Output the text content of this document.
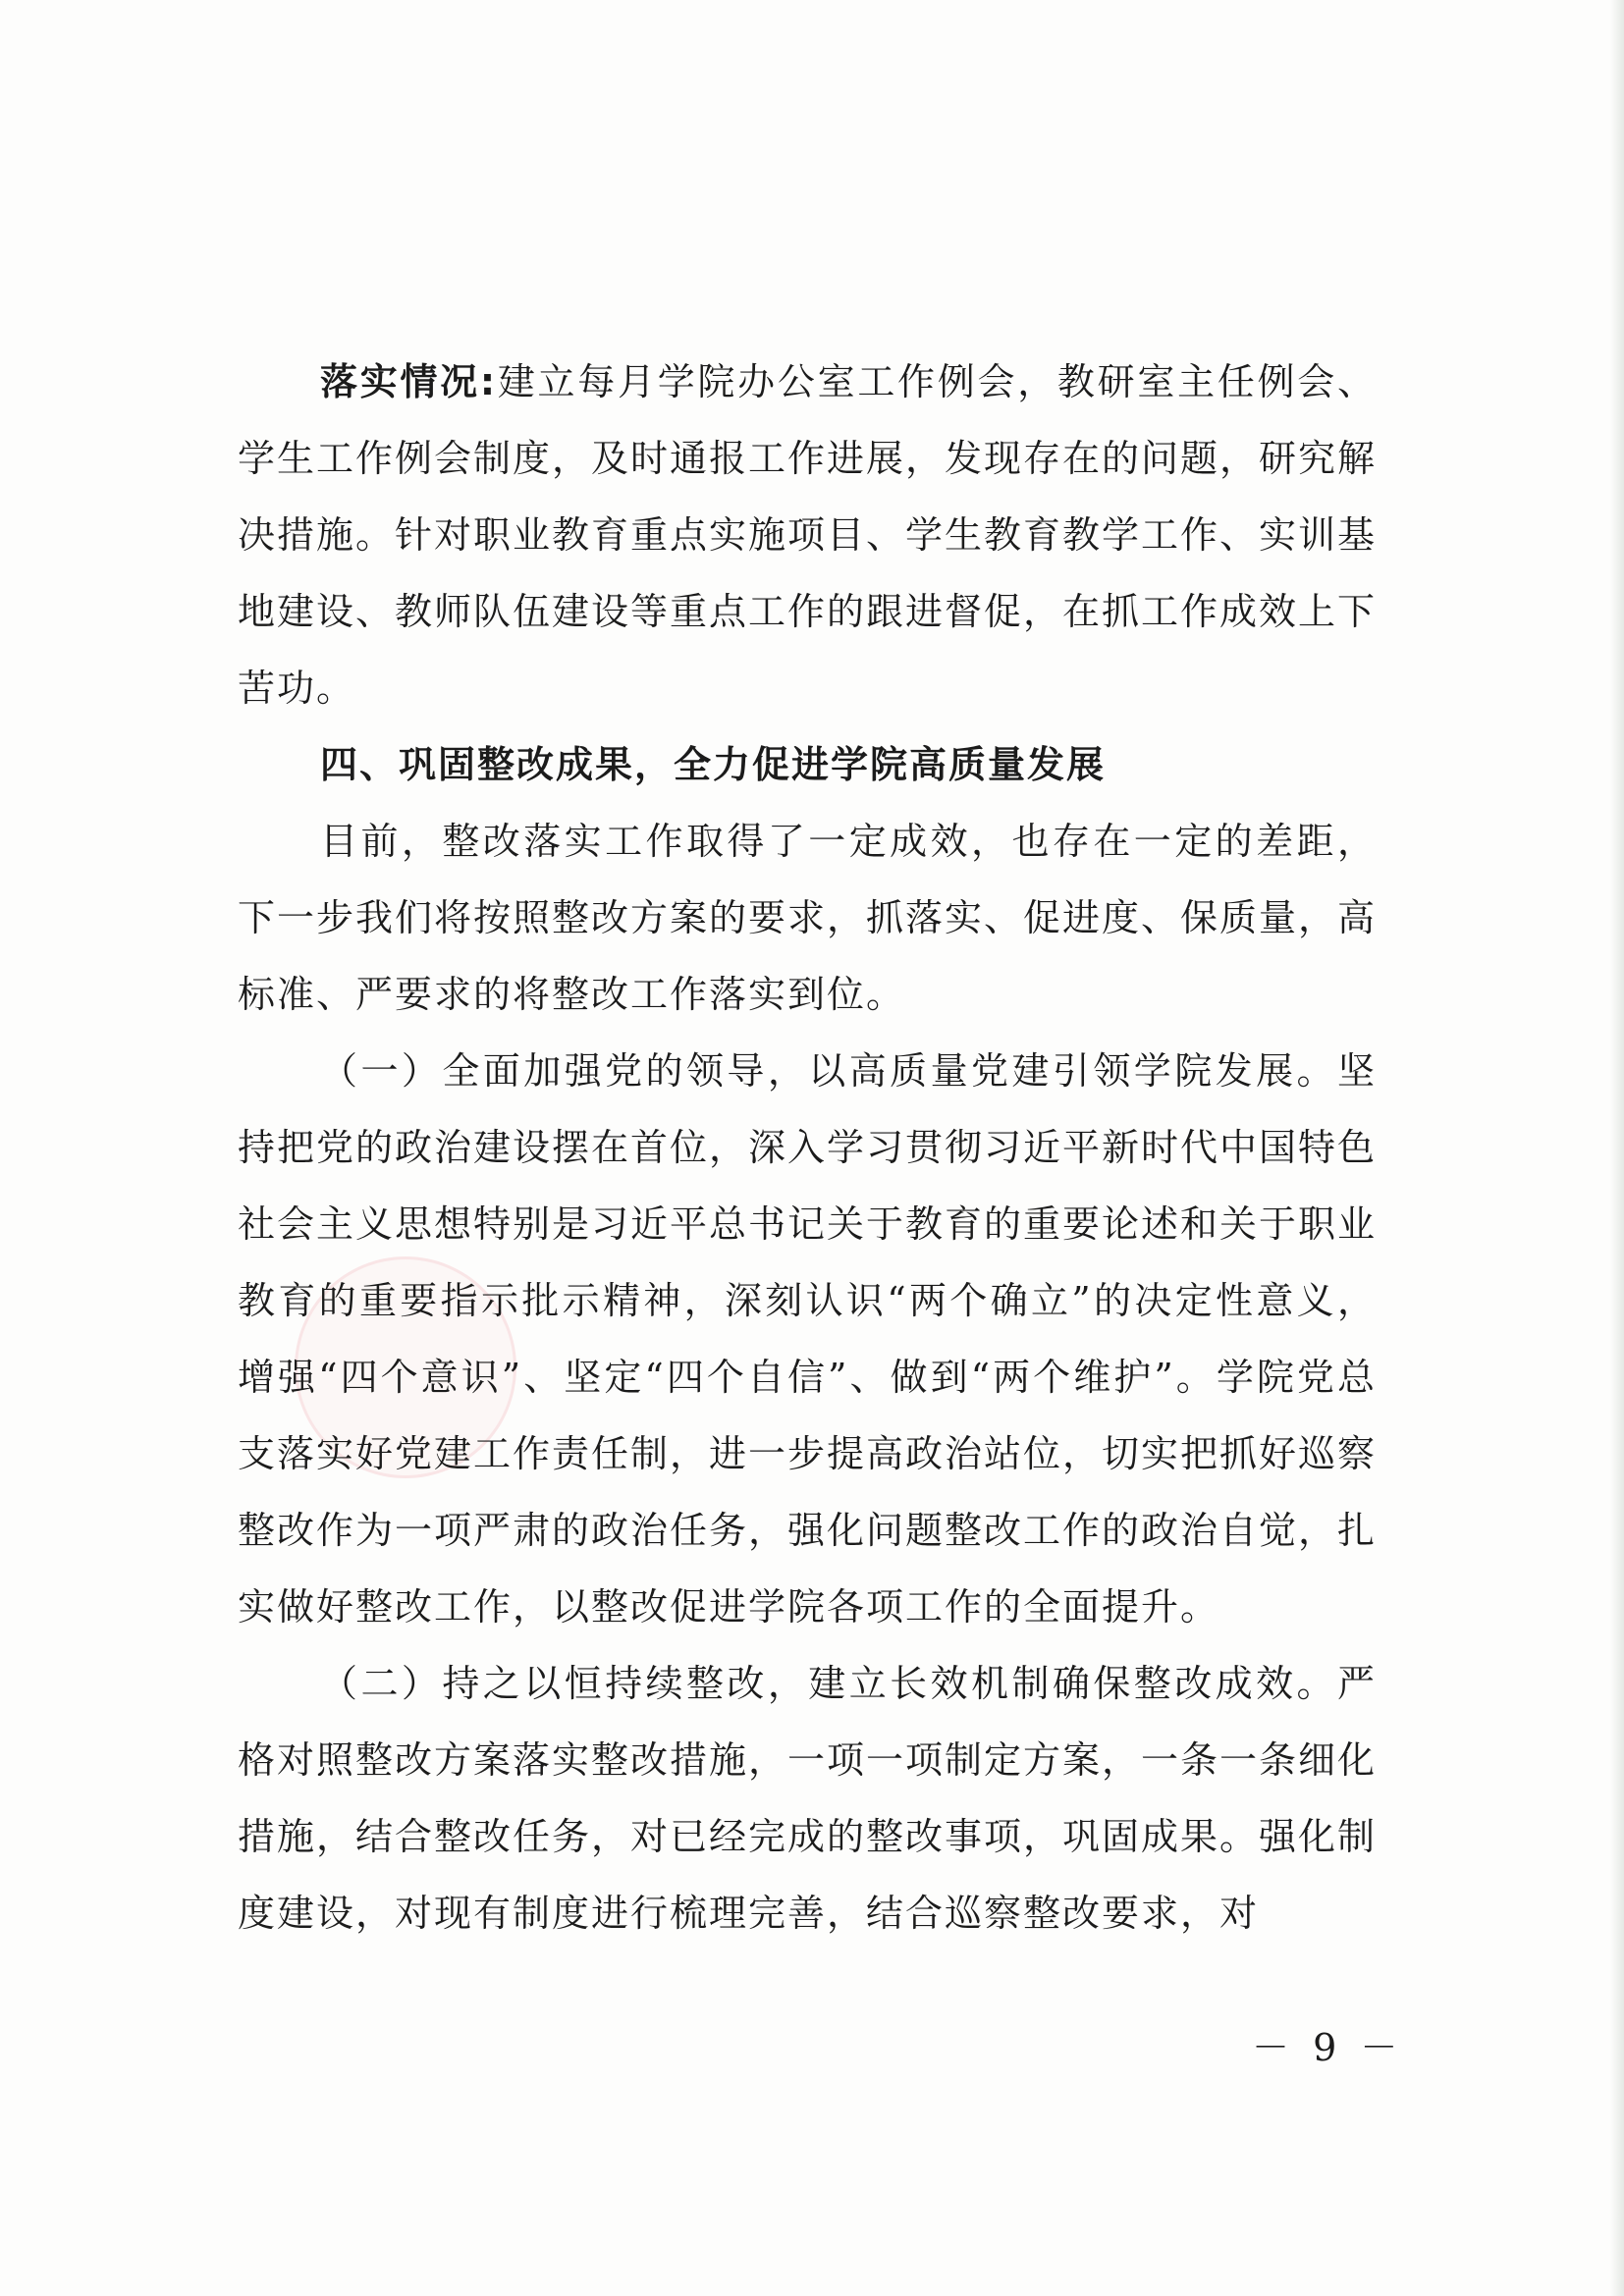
落实情况:建立每月学院办公室工作例会，教研室主任例会、学生工作例会制度，及时通报工作进展，发现存在的问题，研究解决措施。针对职业教育重点实施项目、学生教育教学工作、实训基地建设、教师队伍建设等重点工作的跟进督促，在抓工作成效上下苦功。

四、巩固整改成果，全力促进学院高质量发展

目前，整改落实工作取得了一定成效，也存在一定的差距，下一步我们将按照整改方案的要求，抓落实、促进度、保质量，高标准、严要求的将整改工作落实到位。

（一）全面加强党的领导，以高质量党建引领学院发展。坚持把党的政治建设摆在首位，深入学习贯彻习近平新时代中国特色社会主义思想特别是习近平总书记关于教育的重要论述和关于职业教育的重要指示批示精神，深刻认识“两个确立”的决定性意义，增强“四个意识”、坚定“四个自信”、做到“两个维护”。学院党总支落实好党建工作责任制，进一步提高政治站位，切实把抓好巡察整改作为一项严肃的政治任务，强化问题整改工作的政治自觉，扎实做好整改工作，以整改促进学院各项工作的全面提升。

（二）持之以恒持续整改，建立长效机制确保整改成效。严格对照整改方案落实整改措施，一项一项制定方案，一条一条细化措施，结合整改任务，对已经完成的整改事项，巩固成果。强化制度建设，对现有制度进行梳理完善，结合巡察整改要求，对

－ 9 －
